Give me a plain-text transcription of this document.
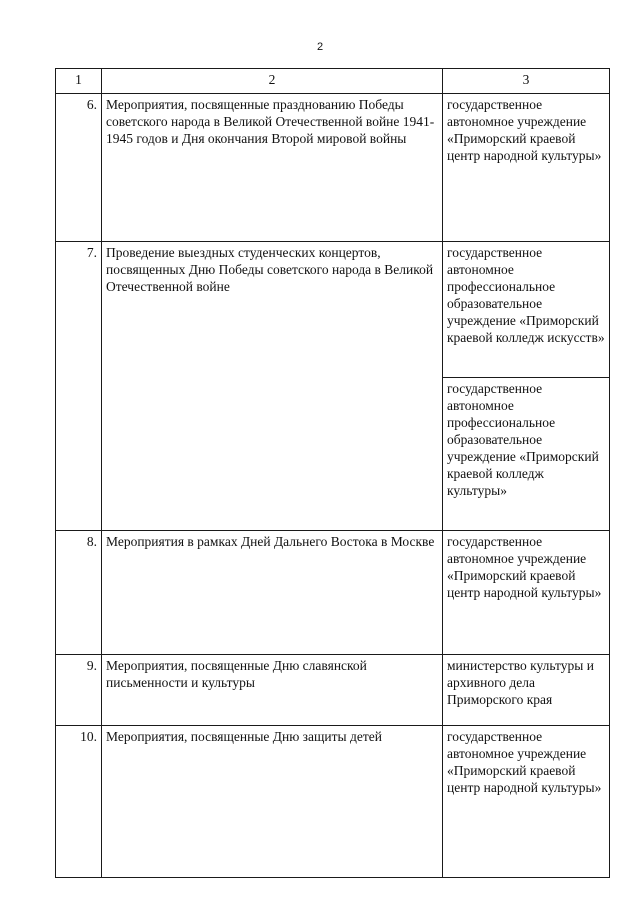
2
1	2	3
6.	Мероприятия, посвященные празднованию Победы советского народа в Великой Отечественной войне 1941-1945 годов и Дня окончания Второй мировой войны	государственное автономное учреждение «Приморский краевой центр народной культуры»
7.	Проведение выездных студенческих концертов, посвященных Дню Победы советского народа в Великой Отечественной войне	государственное автономное профессиональное образовательное учреждение «Приморский краевой колледж искусств»
		государственное автономное профессиональное образовательное учреждение «Приморский краевой колледж культуры»
8.	Мероприятия в рамках Дней Дальнего Востока в Москве	государственное автономное учреждение «Приморский краевой центр народной культуры»
9.	Мероприятия, посвященные Дню славянской письменности и культуры	министерство культуры и архивного дела Приморского края
10.	Мероприятия, посвященные Дню защиты детей	государственное автономное учреждение «Приморский краевой центр народной культуры»
